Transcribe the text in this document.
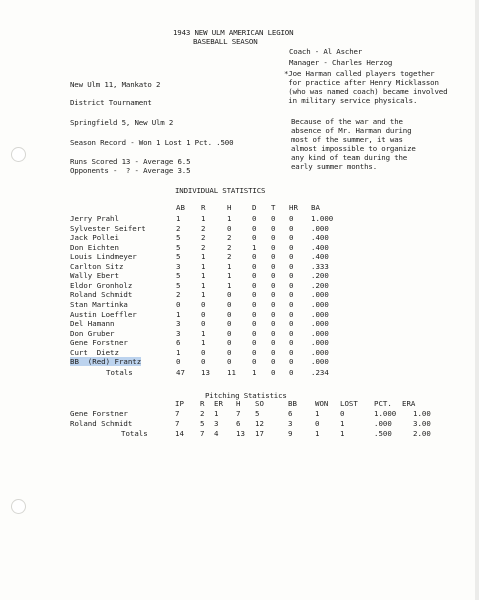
1943 NEW ULM AMERICAN LEGION
BASEBALL SEASON
Coach - Al Ascher
Manager - Charles Herzog
*Joe Harman called players together
for practice after Henry Micklasson
(who was named coach) became involved
in military service physicals.
New Ulm 11, Mankato 2
District Tournament
Springfield 5, New Ulm 2
Season Record - Won 1 Lost 1 Pct. .500
Runs Scored 13 - Average 6.5
Opponents -  ? - Average 3.5
Because of the war and the
absence of Mr. Harman during
most of the summer, it was
almost impossible to organize
any kind of team during the
early summer months.
INDIVIDUAL STATISTICS
AB R	H	D T HR BA
Jerry Prahl	1	1	1	0 0 0 1.000
Sylvester Seifert	2	2	0	0 0 0 .000
Jack Pollei	5	2	2	0 0 0 .400
Don Eichten	5	2	2	1 0 0 .400
Louis Lindmeyer	5	1	2	0 0 0 .400
Carlton Sitz	3	1	1	0 0 0 .333
Wally Ebert	5	1	1	0 0 0 .200
Eldor Gronholz	5	1	1	0 0 0 .200
Roland Schmidt	2	1	0	0 0 0 .000
Stan Martinka	0	0	0	0 0 0 .000
Austin Loeffler	1	0	0	0 0 0 .000
Del Hamann	3	0	0	0 0 0 .000
Don Gruber	3	1	0	0 0 0 .000
Gene Forstner	6	1	0	0 0 0 .000
Curt  Dietz	1	0	0	0 0 0 .000
BB  (Red) Frantz	0	0	0	0 0 0 .000
Totals	47 13 11 1 0 0 .234
Pitching Statistics
IP R ER H SO	BB WON LOST PCT. ERA
Gene Forstner	7	2 1 7 5	6	1	0	1.000 1.00
Roland Schmidt	7	5 3 6 12	3	0	1	.000	3.00
Totals	14 7 4 13 17	9	1	1	.500	2.00
